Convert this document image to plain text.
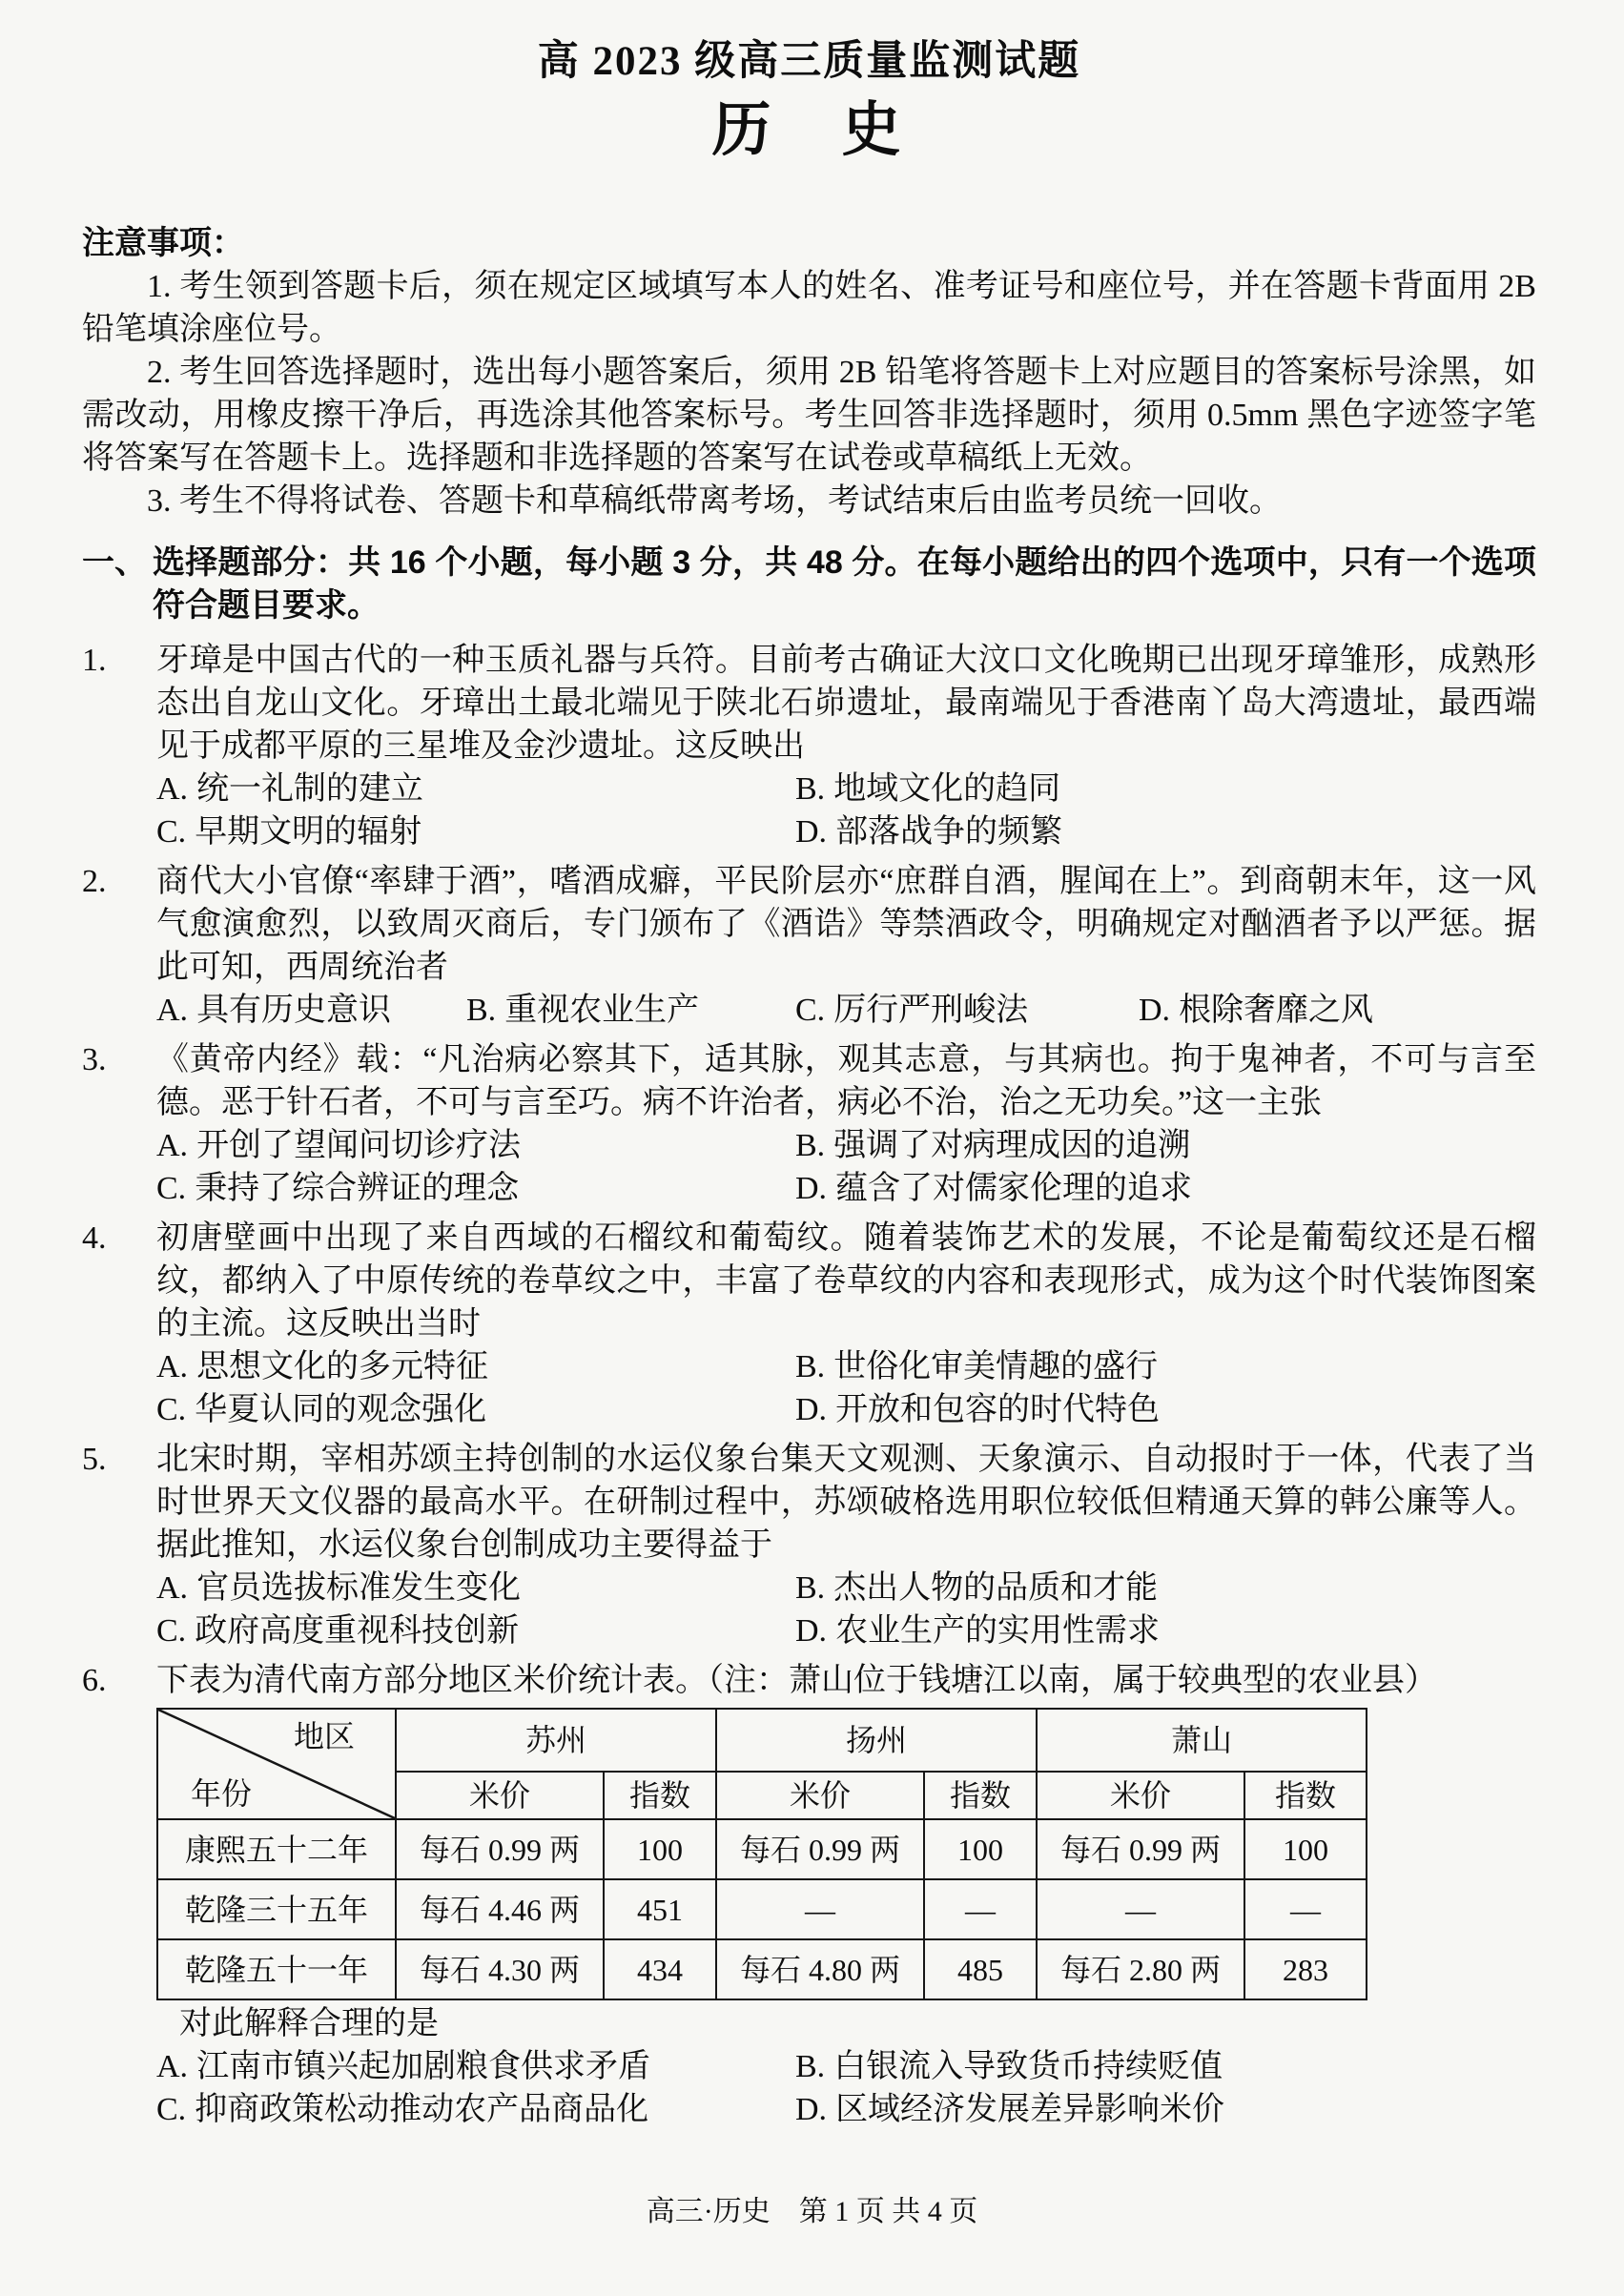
高 2023 级高三质量监测试题
历　史

注意事项：

1. 考生领到答题卡后，须在规定区域填写本人的姓名、准考证号和座位号，并在答题卡背面用 2B 铅笔填涂座位号。

2. 考生回答选择题时，选出每小题答案后，须用 2B 铅笔将答题卡上对应题目的答案标号涂黑，如需改动，用橡皮擦干净后，再选涂其他答案标号。考生回答非选择题时，须用 0.5mm 黑色字迹签字笔将答案写在答题卡上。选择题和非选择题的答案写在试卷或草稿纸上无效。

3. 考生不得将试卷、答题卡和草稿纸带离考场，考试结束后由监考员统一回收。

一、 选择题部分：共 16 个小题，每小题 3 分，共 48 分。在每小题给出的四个选项中，只有一个选项符合题目要求。
1.	牙璋是中国古代的一种玉质礼器与兵符。目前考古确证大汶口文化晚期已出现牙璋雏形，成熟形态出自龙山文化。牙璋出土最北端见于陕北石峁遗址，最南端见于香港南丫岛大湾遗址，最西端见于成都平原的三星堆及金沙遗址。这反映出
A. 统一礼制的建立	B. 地域文化的趋同
C. 早期文明的辐射	D. 部落战争的频繁
2.	商代大小官僚“率肆于酒”，嗜酒成癖，平民阶层亦“庶群自酒，腥闻在上”。到商朝末年，这一风气愈演愈烈，以致周灭商后，专门颁布了《酒诰》等禁酒政令，明确规定对酗酒者予以严惩。据此可知，西周统治者
A. 具有历史意识	B. 重视农业生产	C. 厉行严刑峻法	D. 根除奢靡之风
3.	《黄帝内经》载：“凡治病必察其下，适其脉，观其志意，与其病也。拘于鬼神者，不可与言至德。恶于针石者，不可与言至巧。病不许治者，病必不治，治之无功矣。”这一主张
A. 开创了望闻问切诊疗法	B. 强调了对病理成因的追溯
C. 秉持了综合辨证的理念	D. 蕴含了对儒家伦理的追求
4.	初唐壁画中出现了来自西域的石榴纹和葡萄纹。随着装饰艺术的发展，不论是葡萄纹还是石榴纹，都纳入了中原传统的卷草纹之中，丰富了卷草纹的内容和表现形式，成为这个时代装饰图案的主流。这反映出当时
A. 思想文化的多元特征	B. 世俗化审美情趣的盛行
C. 华夏认同的观念强化	D. 开放和包容的时代特色
5.	北宋时期，宰相苏颂主持创制的水运仪象台集天文观测、天象演示、自动报时于一体，代表了当时世界天文仪器的最高水平。在研制过程中，苏颂破格选用职位较低但精通天算的韩公廉等人。据此推知，水运仪象台创制成功主要得益于
A. 官员选拔标准发生变化	B. 杰出人物的品质和才能
C. 政府高度重视科技创新	D. 农业生产的实用性需求
6.	下表为清代南方部分地区米价统计表。（注：萧山位于钱塘江以南，属于较典型的农业县）
地区
年份	苏州		扬州		萧山	
	米价	指数	米价	指数	米价	指数
康熙五十二年	每石 0.99 两	100	每石 0.99 两	100	每石 0.99 两	100
乾隆三十五年	每石 4.46 两	451	—	—	—	—
乾隆五十一年	每石 4.30 两	434	每石 4.80 两	485	每石 2.80 两	283
对此解释合理的是
A. 江南市镇兴起加剧粮食供求矛盾	B. 白银流入导致货币持续贬值
C. 抑商政策松动推动农产品商品化	D. 区域经济发展差异影响米价
高三·历史　第 1 页 共 4 页
